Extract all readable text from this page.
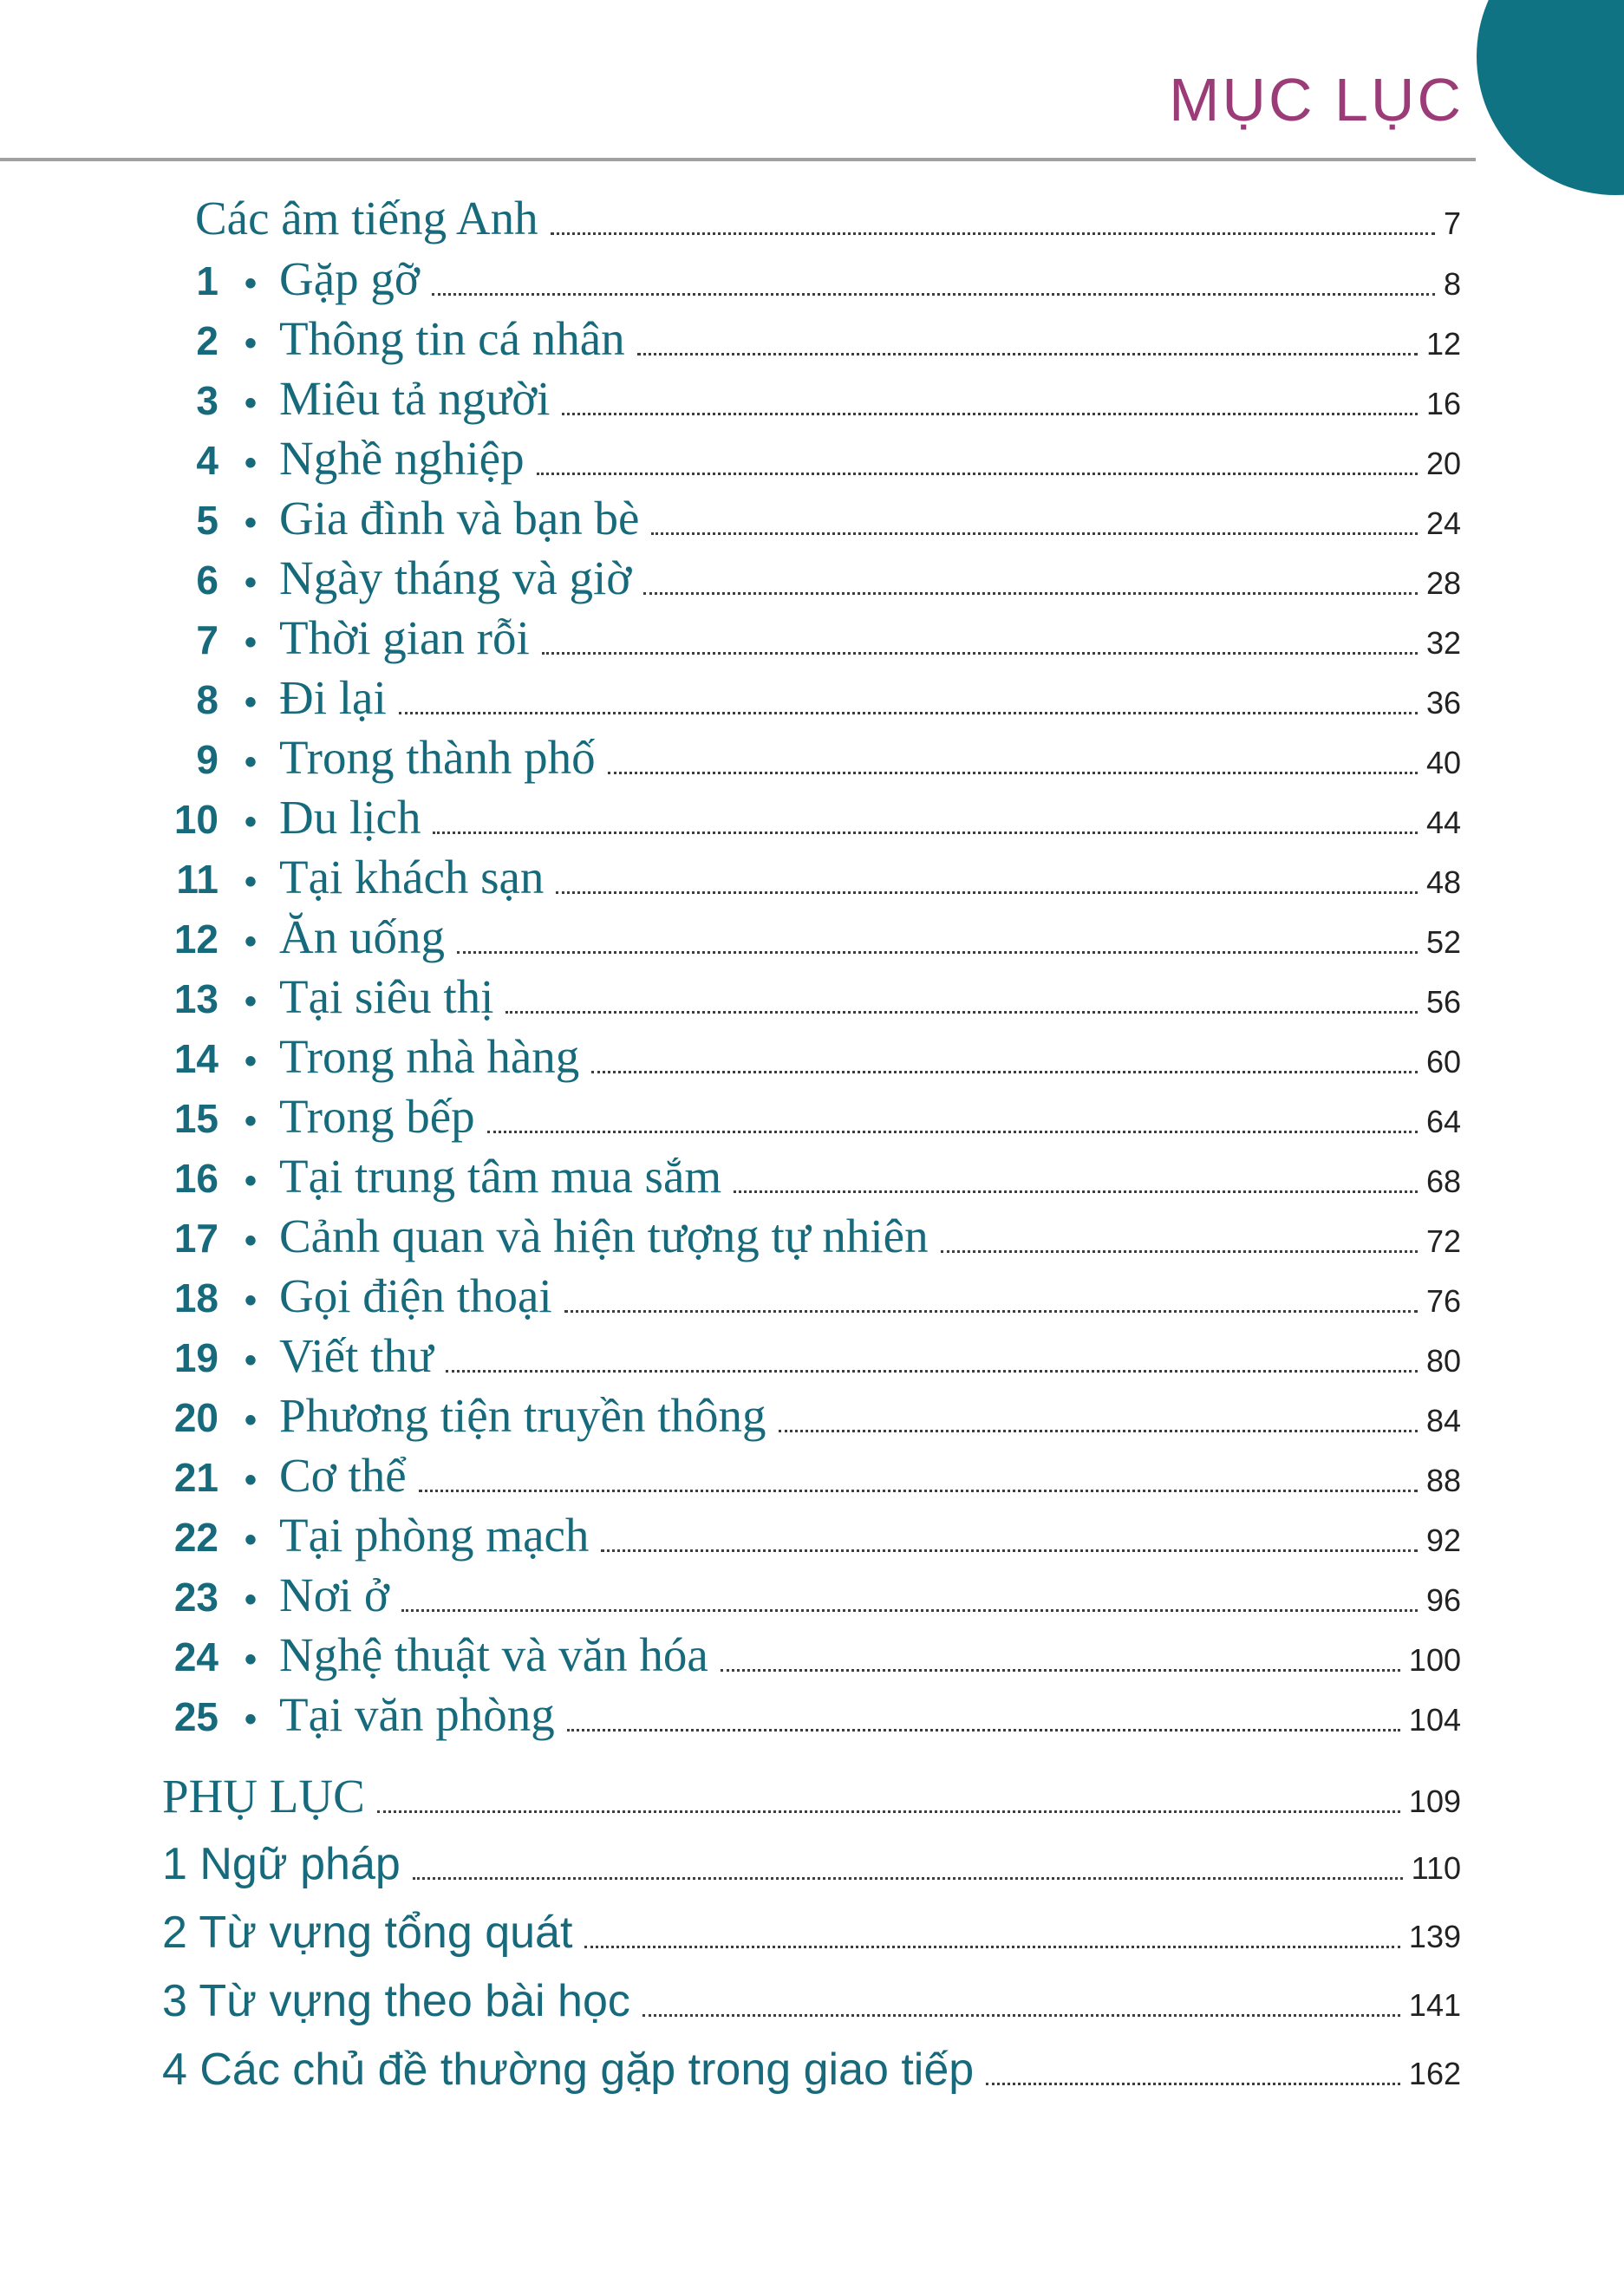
MỤC LỤC
Các âm tiếng Anh	7
1 • Gặp gỡ	8
2 • Thông tin cá nhân	12
3 • Miêu tả người	16
4 • Nghề nghiệp	20
5 • Gia đình và bạn bè	24
6 • Ngày tháng và giờ	28
7 • Thời gian rỗi	32
8 • Đi lại	36
9 • Trong thành phố	40
10 • Du lịch	44
11 • Tại khách sạn	48
12 • Ăn uống	52
13 • Tại siêu thị	56
14 • Trong nhà hàng	60
15 • Trong bếp	64
16 • Tại trung tâm mua sắm	68
17 • Cảnh quan và hiện tượng tự nhiên	72
18 • Gọi điện thoại	76
19 • Viết thư	80
20 • Phương tiện truyền thông	84
21 • Cơ thể	88
22 • Tại phòng mạch	92
23 • Nơi ở	96
24 • Nghệ thuật và văn hóa	100
25 • Tại văn phòng	104
PHỤ LỤC	109
1 Ngữ pháp	110
2 Từ vựng tổng quát	139
3 Từ vựng theo bài học	141
4 Các chủ đề thường gặp trong giao tiếp	162
